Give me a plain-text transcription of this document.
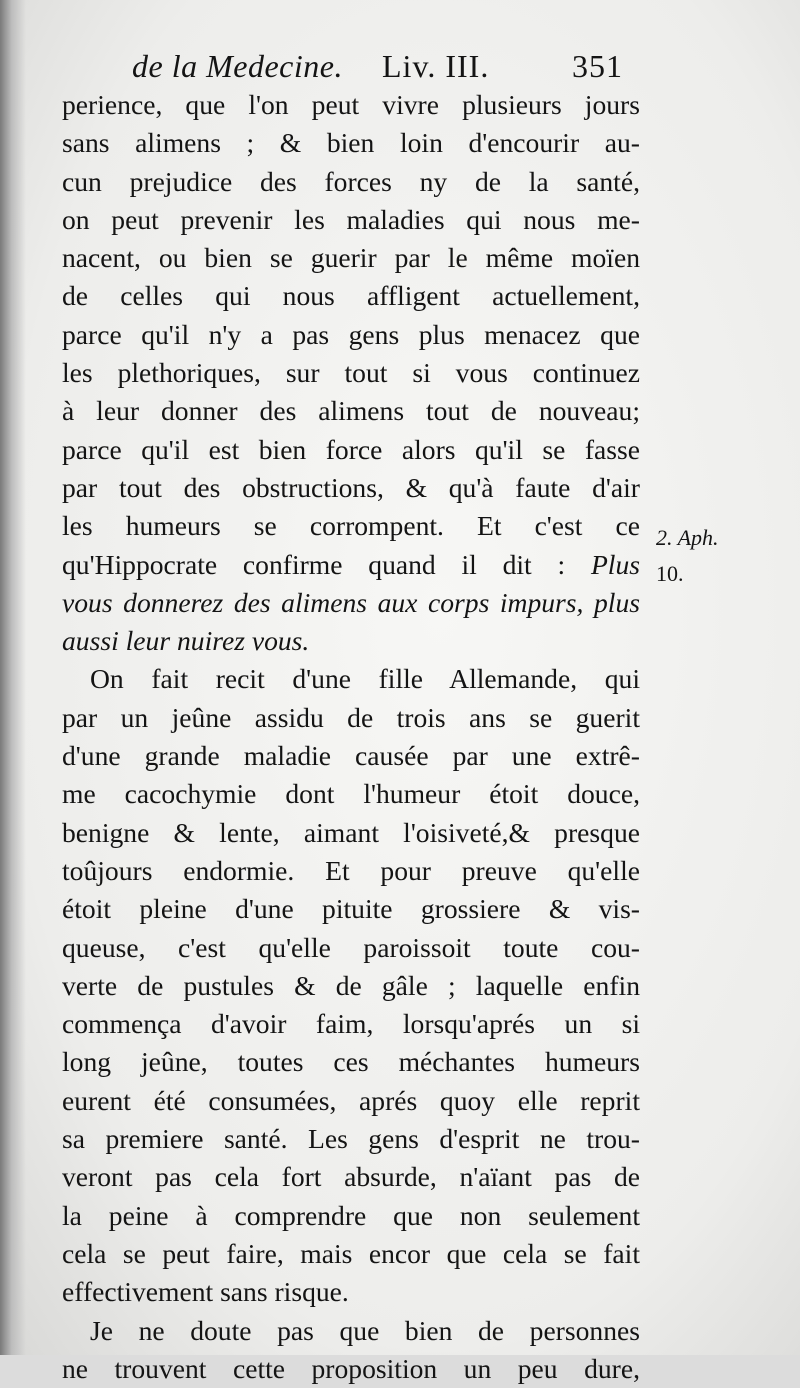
de la Medecine. Liv. III.	351
perience, que l'on peut vivre plusieurs jours
sans alimens ; & bien loin d'encourir au-
cun prejudice des forces ny de la santé,
on peut prevenir les maladies qui nous me-
nacent, ou bien se guerir par le même moïen
de celles qui nous affligent actuellement,
parce qu'il n'y a pas gens plus menacez que
les plethoriques, sur tout si vous continuez
à leur donner des alimens tout de nouveau;
parce qu'il est bien force alors qu'il se fasse
par tout des obstructions, & qu'à faute d'air
les humeurs se corrompent. Et c'est ce
qu'Hippocrate confirme quand il dit : Plus
vous donnerez des alimens aux corps impurs, plus
aussi leur nuirez vous.
On fait recit d'une fille Allemande, qui
par un jeûne assidu de trois ans se guerit
d'une grande maladie causée par une extrê-
me cacochymie dont l'humeur étoit douce,
benigne & lente, aimant l'oisiveté,& presque
toûjours endormie. Et pour preuve qu'elle
étoit pleine d'une pituite grossiere & vis-
queuse, c'est qu'elle paroissoit toute cou-
verte de pustules & de gâle ; laquelle enfin
commença d'avoir faim, lorsqu'aprés un si
long jeûne, toutes ces méchantes humeurs
eurent été consumées, aprés quoy elle reprit
sa premiere santé. Les gens d'esprit ne trou-
veront pas cela fort absurde, n'aïant pas de
la peine à comprendre que non seulement
cela se peut faire, mais encor que cela se fait
effectivement sans risque.
Je ne doute pas que bien de personnes
ne trouvent cette proposition un peu dure,
2. Aph.
10.
